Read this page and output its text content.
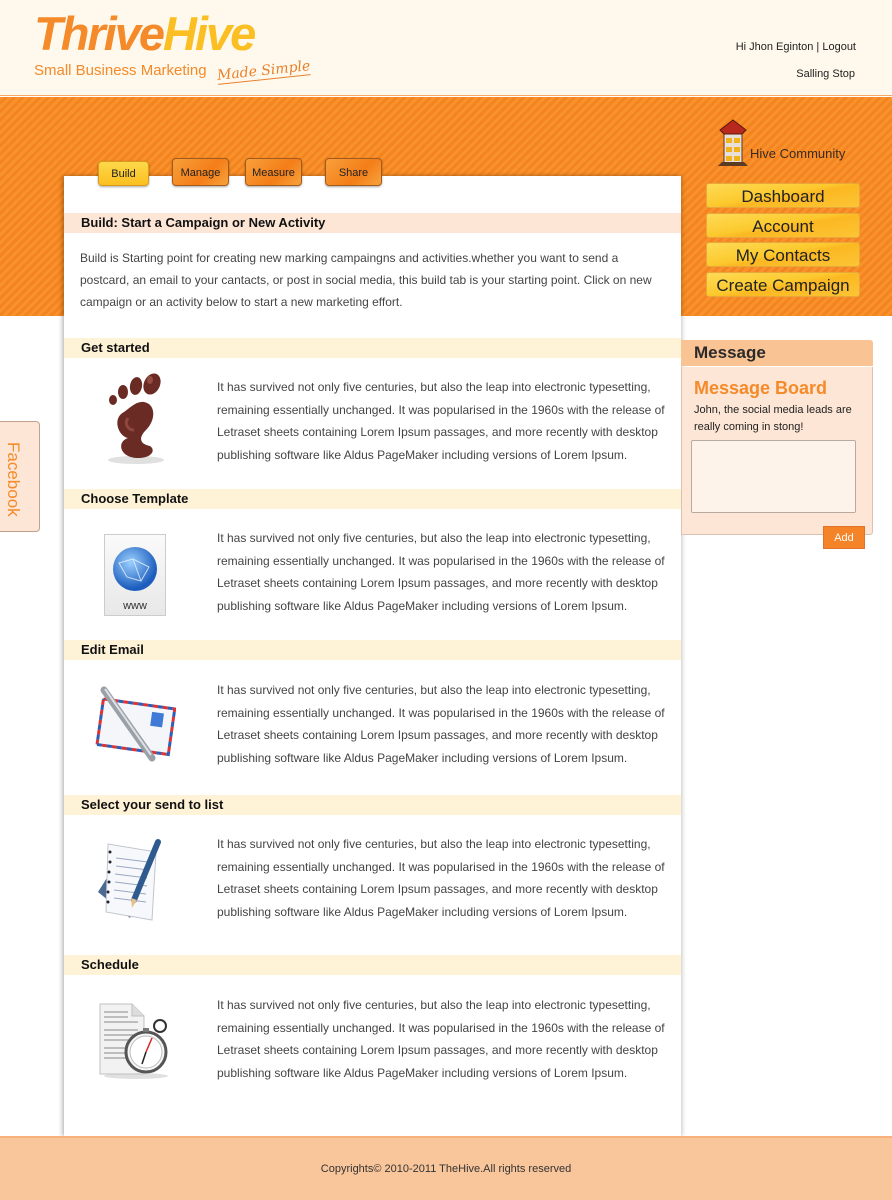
ThriveHive
Small Business Marketing Made Simple
Hi Jhon Eginton | Logout
Salling Stop
Build: Start a Campaign or New Activity
Build is Starting point for creating new marking campaingns and activities.whether you want to send a postcard, an email to your cantacts, or post in social media, this build tab is your starting point. Click on new campaign or an activity below to start a new marketing effort.
Get started
It has survived not only five centuries, but also the leap into electronic typesetting, remaining essentially unchanged. It was popularised in the 1960s with the release of Letraset sheets containing Lorem Ipsum passages, and more recently with desktop publishing software like Aldus PageMaker including versions of Lorem Ipsum.
Choose Template
www
It has survived not only five centuries, but also the leap into electronic typesetting, remaining essentially unchanged. It was popularised in the 1960s with the release of Letraset sheets containing Lorem Ipsum passages, and more recently with desktop publishing software like Aldus PageMaker including versions of Lorem Ipsum.
Edit Email
It has survived not only five centuries, but also the leap into electronic typesetting, remaining essentially unchanged. It was popularised in the 1960s with the release of Letraset sheets containing Lorem Ipsum passages, and more recently with desktop publishing software like Aldus PageMaker including versions of Lorem Ipsum.
Select your send to list
It has survived not only five centuries, but also the leap into electronic typesetting, remaining essentially unchanged. It was popularised in the 1960s with the release of Letraset sheets containing Lorem Ipsum passages, and more recently with desktop publishing software like Aldus PageMaker including versions of Lorem Ipsum.
Schedule
It has survived not only five centuries, but also the leap into electronic typesetting, remaining essentially unchanged. It was popularised in the 1960s with the release of Letraset sheets containing Lorem Ipsum passages, and more recently with desktop publishing software like Aldus PageMaker including versions of Lorem Ipsum.
Build	Manage	Measure	Share
Hive Community
Dashboard
Account
My Contacts
Create Campaign
Message
Message Board
John, the social media leads are really coming in stong!
Add
Facebook
Copyrights© 2010-2011 TheHive.All rights reserved
